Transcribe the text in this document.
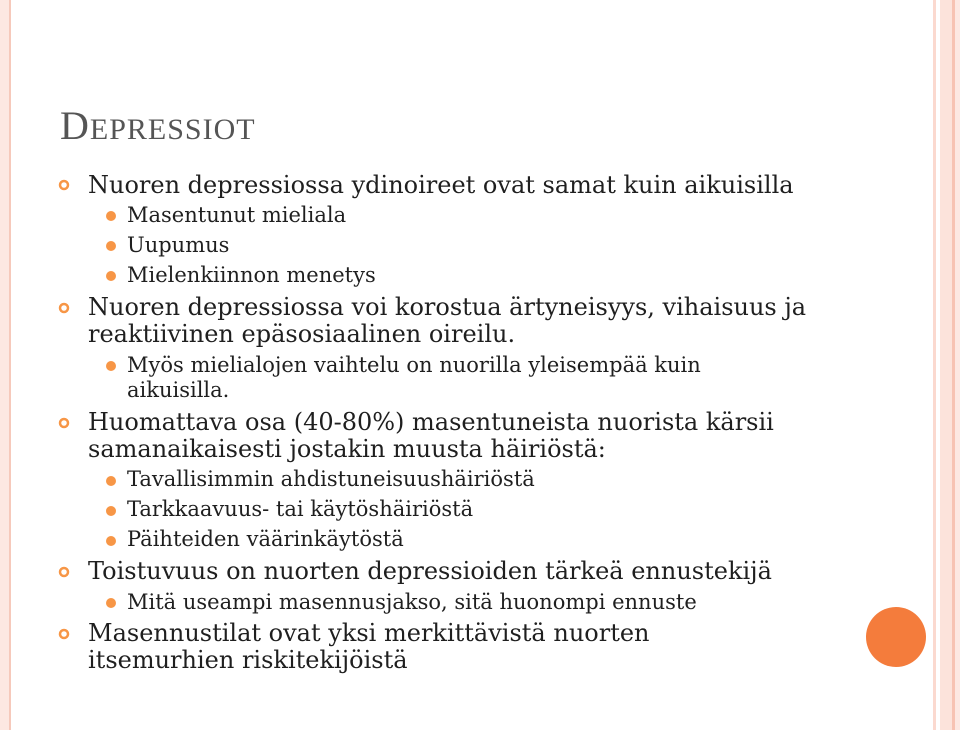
DEPRESSIOT
Nuoren depressiossa ydinoireet ovat samat kuin aikuisilla
Masentunut mieliala
Uupumus
Mielenkiinnon menetys
Nuoren depressiossa voi korostua ärtyneisyys, vihaisuus ja
reaktiivinen epäsosiaalinen oireilu.
Myös mielialojen vaihtelu on nuorilla yleisempää kuin
aikuisilla.
Huomattava osa (40-80%) masentuneista nuorista kärsii
samanaikaisesti jostakin muusta häiriöstä:
Tavallisimmin ahdistuneisuushäiriöstä
Tarkkaavuus- tai käytöshäiriöstä
Päihteiden väärinkäytöstä
Toistuvuus on nuorten depressioiden tärkeä ennustekijä
Mitä useampi masennusjakso, sitä huonompi ennuste
Masennustilat ovat yksi merkittävistä nuorten
itsemurhien riskitekijöistä
